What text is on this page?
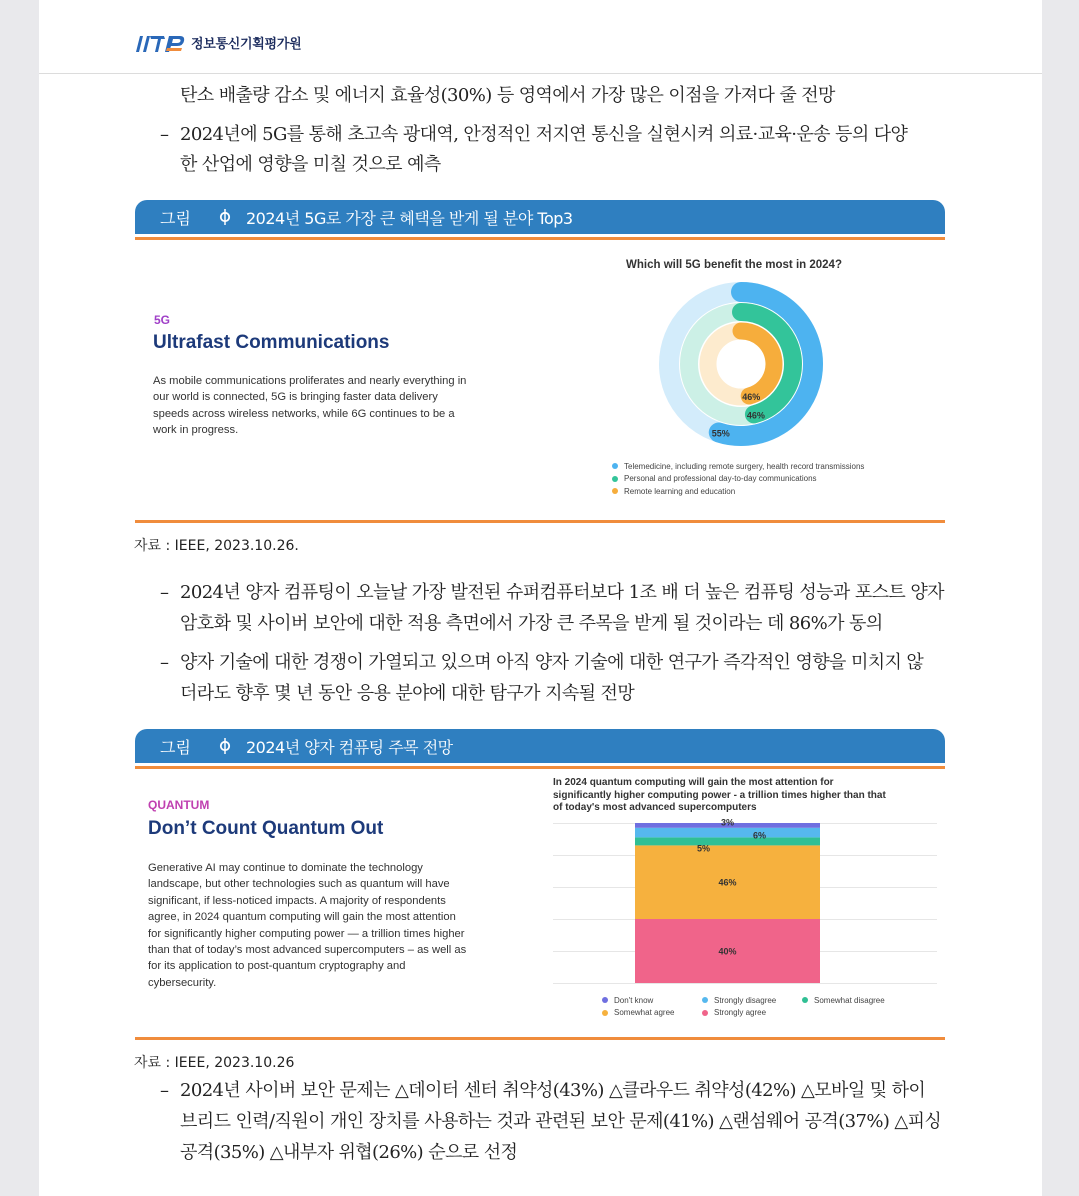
정보통신기획평가원
탄소 배출량 감소 및 에너지 효율성(30%) 등 영역에서 가장 많은 이점을 가져다 줄 전망
– 2024년에 5G를 통해 초고속 광대역, 안정적인 저지연 통신을 실현시켜 의료·교육·운송 등의 다양
한 산업에 영향을 미칠 것으로 예측
그림	2024년 5G로 가장 큰 혜택을 받게 될 분야 Top3
5G
Ultrafast Communications
As mobile communications proliferates and nearly everything in
our world is connected, 5G is bringing faster data delivery
speeds across wireless networks, while 6G continues to be a
work in progress.
Which will 5G benefit the most in 2024?
55%
46%
46%
Telemedicine, including remote surgery, health record transmissions
Personal and professional day-to-day communications
Remote learning and education
자료 : IEEE, 2023.10.26.
– 2024년 양자 컴퓨팅이 오늘날 가장 발전된 슈퍼컴퓨터보다 1조 배 더 높은 컴퓨팅 성능과 포스트 양자
암호화 및 사이버 보안에 대한 적용 측면에서 가장 큰 주목을 받게 될 것이라는 데 86%가 동의
– 양자 기술에 대한 경쟁이 가열되고 있으며 아직 양자 기술에 대한 연구가 즉각적인 영향을 미치지 않
더라도 향후 몇 년 동안 응용 분야에 대한 탐구가 지속될 전망
그림	2024년 양자 컴퓨팅 주목 전망
QUANTUM
Don’t Count Quantum Out
Generative AI may continue to dominate the technology
landscape, but other technologies such as quantum will have
significant, if less-noticed impacts. A majority of respondents
agree, in 2024 quantum computing will gain the most attention
for significantly higher computing power — a trillion times higher
than that of today’s most advanced supercomputers – as well as
for its application to post-quantum cryptography and
cybersecurity.
In 2024 quantum computing will gain the most attention for
significantly higher computing power - a trillion times higher than that
of today's most advanced supercomputers
40%
46%
5%
6%
3%
Don't know	Strongly disagree	Somewhat disagree
Somewhat agree	Strongly agree
자료 : IEEE, 2023.10.26
– 2024년 사이버 보안 문제는 △데이터 센터 취약성(43%) △클라우드 취약성(42%) △모바일 및 하이
브리드 인력/직원이 개인 장치를 사용하는 것과 관련된 보안 문제(41%) △랜섬웨어 공격(37%) △피싱
공격(35%) △내부자 위협(26%) 순으로 선정
